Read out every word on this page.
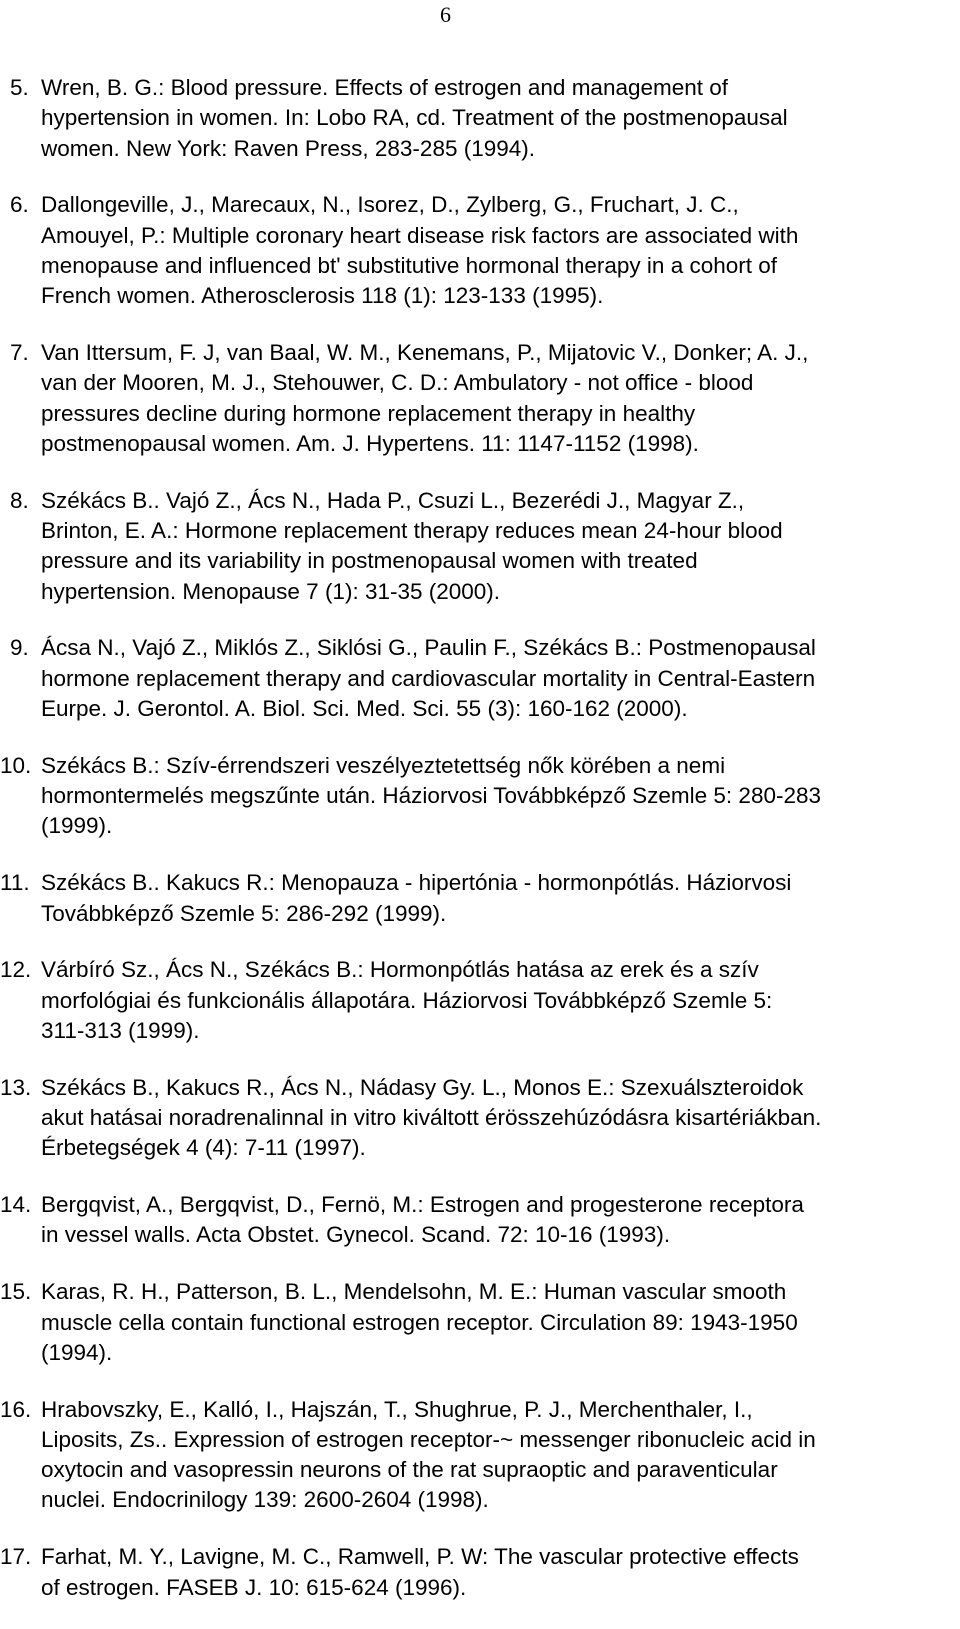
6
5. Wren, B. G.: Blood pressure. Effects of estrogen and management of
hypertension in women. In: Lobo RA, cd. Treatment of the postmenopausal
women. New York: Raven Press, 283-285 (1994).
6. Dallongeville, J., Marecaux, N., Isorez, D., Zylberg, G., Fruchart, J. C.,
Amouyel, P.: Multiple coronary heart disease risk factors are associated with
menopause and influenced bt' substitutive hormonal therapy in a cohort of
French women. Atherosclerosis 118 (1): 123-133 (1995).
7. Van Ittersum, F. J, van Baal, W. M., Kenemans, P., Mijatovic V., Donker; A. J.,
van der Mooren, M. J., Stehouwer, C. D.: Ambulatory - not office - blood
pressures decline during hormone replacement therapy in healthy
postmenopausal women. Am. J. Hypertens. 11: 1147-1152 (1998).
8. Székács B.. Vajó Z., Ács N., Hada P., Csuzi L., Bezerédi J., Magyar Z.,
Brinton, E. A.: Hormone replacement therapy reduces mean 24-hour blood
pressure and its variability in postmenopausal women with treated
hypertension. Menopause 7 (1): 31-35 (2000).
9. Ácsa N., Vajó Z., Miklós Z., Siklósi G., Paulin F., Székács B.: Postmenopausal
hormone replacement therapy and cardiovascular mortality in Central-Eastern
Eurpe. J. Gerontol. A. Biol. Sci. Med. Sci. 55 (3): 160-162 (2000).
10. Székács B.: Szív-érrendszeri veszélyeztetettség nők körében a nemi
hormontermelés megszűnte után. Háziorvosi Továbbképző Szemle 5: 280-283
(1999).
11. Székács B.. Kakucs R.: Menopauza - hipertónia - hormonpótlás. Háziorvosi
Továbbképző Szemle 5: 286-292 (1999).
12. Várbíró Sz., Ács N., Székács B.: Hormonpótlás hatása az erek és a szív
morfológiai és funkcionális állapotára. Háziorvosi Továbbképző Szemle 5:
311-313 (1999).
13. Székács B., Kakucs R., Ács N., Nádasy Gy. L., Monos E.: Szexuálszteroidok
akut hatásai noradrenalinnal in vitro kiváltott érösszehúzódásra kisartériákban.
Érbetegségek 4 (4): 7-11 (1997).
14. Bergqvist, A., Bergqvist, D., Fernö, M.: Estrogen and progesterone receptora
in vessel walls. Acta Obstet. Gynecol. Scand. 72: 10-16 (1993).
15. Karas, R. H., Patterson, B. L., Mendelsohn, M. E.: Human vascular smooth
muscle cella contain functional estrogen receptor. Circulation 89: 1943-1950
(1994).
16. Hrabovszky, E., Kalló, I., Hajszán, T., Shughrue, P. J., Merchenthaler, I.,
Liposits, Zs.. Expression of estrogen receptor-~ messenger ribonucleic acid in
oxytocin and vasopressin neurons of the rat supraoptic and paraventicular
nuclei. Endocrinilogy 139: 2600-2604 (1998).
17. Farhat, M. Y., Lavigne, M. C., Ramwell, P. W: The vascular protective effects
of estrogen. FASEB J. 10: 615-624 (1996).
